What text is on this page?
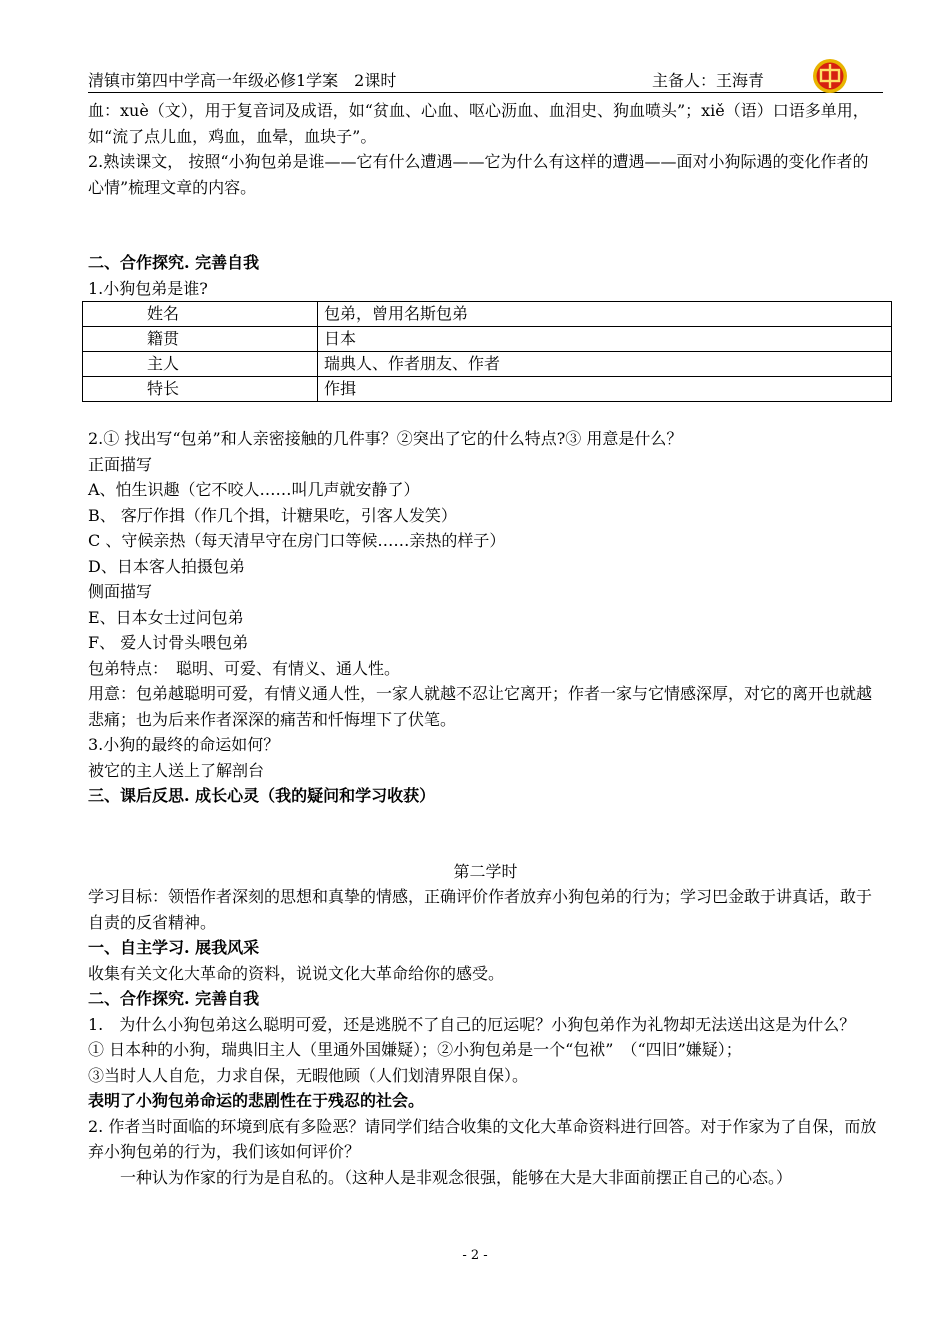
清镇市第四中学高一年级必修1学案　2课时	主备人：王海青

血：xuè（文），用于复音词及成语，如“贫血、心血、呕心沥血、血泪史、狗血喷头”；xiě（语）口语多单用，如“流了点儿血，鸡血，血晕，血块子”。

2.熟读课文， 按照“小狗包弟是谁——它有什么遭遇——它为什么有这样的遭遇——面对小狗际遇的变化作者的心情”梳理文章的内容。

二、合作探究. 完善自我

1.小狗包弟是谁?

姓名	包弟，曾用名斯包弟
籍贯	日本
主人	瑞典人、作者朋友、作者
特长	作揖

2.① 找出写“包弟”和人亲密接触的几件事？②突出了它的什么特点?③ 用意是什么？

正面描写

A、怕生识趣（它不咬人……叫几声就安静了）

B、 客厅作揖（作几个揖，计糖果吃，引客人发笑）

C 、守候亲热（每天清早守在房门口等候……亲热的样子）

D、日本客人拍摄包弟

侧面描写

E、日本女士过问包弟

F、 爱人讨骨头喂包弟

包弟特点：　聪明、可爱、有情义、通人性。

用意：包弟越聪明可爱，有情义通人性，一家人就越不忍让它离开；作者一家与它情感深厚，对它的离开也就越悲痛；也为后来作者深深的痛苦和忏悔埋下了伏笔。

3.小狗的最终的命运如何？

被它的主人送上了解剖台

三、课后反思. 成长心灵（我的疑问和学习收获）

第二学时

学习目标：领悟作者深刻的思想和真挚的情感，正确评价作者放弃小狗包弟的行为；学习巴金敢于讲真话，敢于自责的反省精神。

一、自主学习. 展我风采

收集有关文化大革命的资料，说说文化大革命给你的感受。

二、合作探究. 完善自我

1.　为什么小狗包弟这么聪明可爱，还是逃脱不了自己的厄运呢？小狗包弟作为礼物却无法送出这是为什么？

① 日本种的小狗，瑞典旧主人（里通外国嫌疑）；②小狗包弟是一个“包袱”　（“四旧”嫌疑）；

③当时人人自危，力求自保，无暇他顾（人们划清界限自保）。

表明了小狗包弟命运的悲剧性在于残忍的社会。

2. 作者当时面临的环境到底有多险恶？请同学们结合收集的文化大革命资料进行回答。对于作家为了自保，而放弃小狗包弟的行为，我们该如何评价？

一种认为作家的行为是自私的。（这种人是非观念很强，能够在大是大非面前摆正自己的心态。）

- 2 -
